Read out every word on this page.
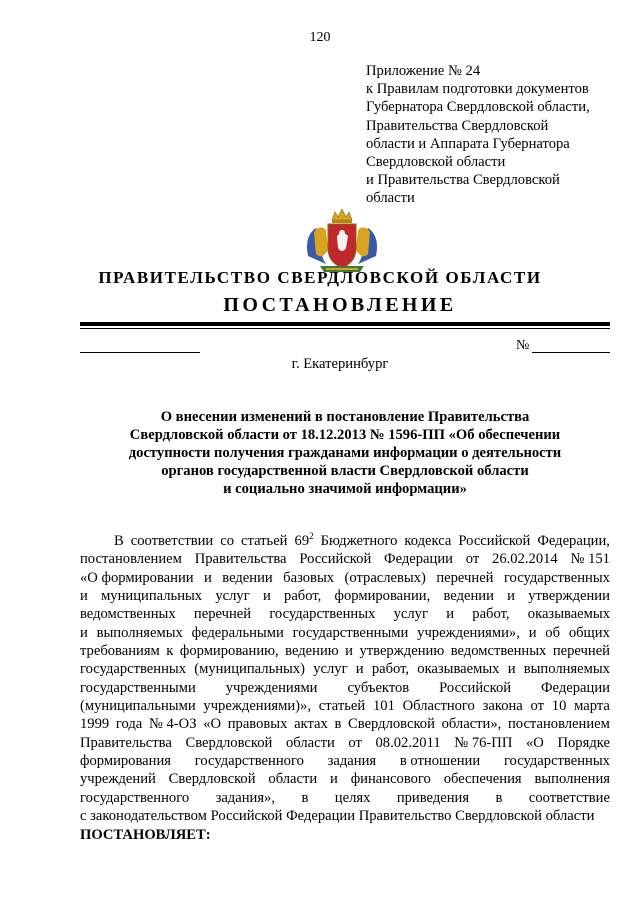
120
Приложение № 24
к Правилам подготовки документов
Губернатора Свердловской области,
Правительства Свердловской
области и Аппарата Губернатора
Свердловской области
и Правительства Свердловской
области
ПРАВИТЕЛЬСТВО СВЕРДЛОВСКОЙ ОБЛАСТИ
ПОСТАНОВЛЕНИЕ
№
г. Екатеринбург
О внесении изменений в постановление Правительства
Свердловской области от 18.12.2013 № 1596-ПП «Об обеспечении
доступности получения гражданами информации о деятельности
органов государственной власти Свердловской области
и социально значимой информации»
В соответствии со статьей $69^2$ Бюджетного кодекса Российской Федерации,
постановлением Правительства Российской Федерации от 26.02.2014 № 151
«О формировании и ведении базовых (отраслевых) перечней государственных
и муниципальных услуг и работ, формировании, ведении и утверждении
ведомственных перечней государственных услуг и работ, оказываемых
и выполняемых федеральными государственными учреждениями», и об общих
требованиям к формированию, ведению и утверждению ведомственных перечней
государственных (муниципальных) услуг и работ, оказываемых и выполняемых
государственными учреждениями субъектов Российской Федерации
(муниципальными учреждениями)», статьей 101 Областного закона от 10 марта
1999 года № 4-ОЗ «О правовых актах в Свердловской области», постановлением
Правительства Свердловской области от 08.02.2011 № 76-ПП «О Порядке
формирования государственного задания в отношении государственных
учреждений Свердловской области и финансового обеспечения выполнения
государственного задания», в целях приведения в соответствие
с законодательством Российской Федерации Правительство Свердловской области
ПОСТАНОВЛЯЕТ:
